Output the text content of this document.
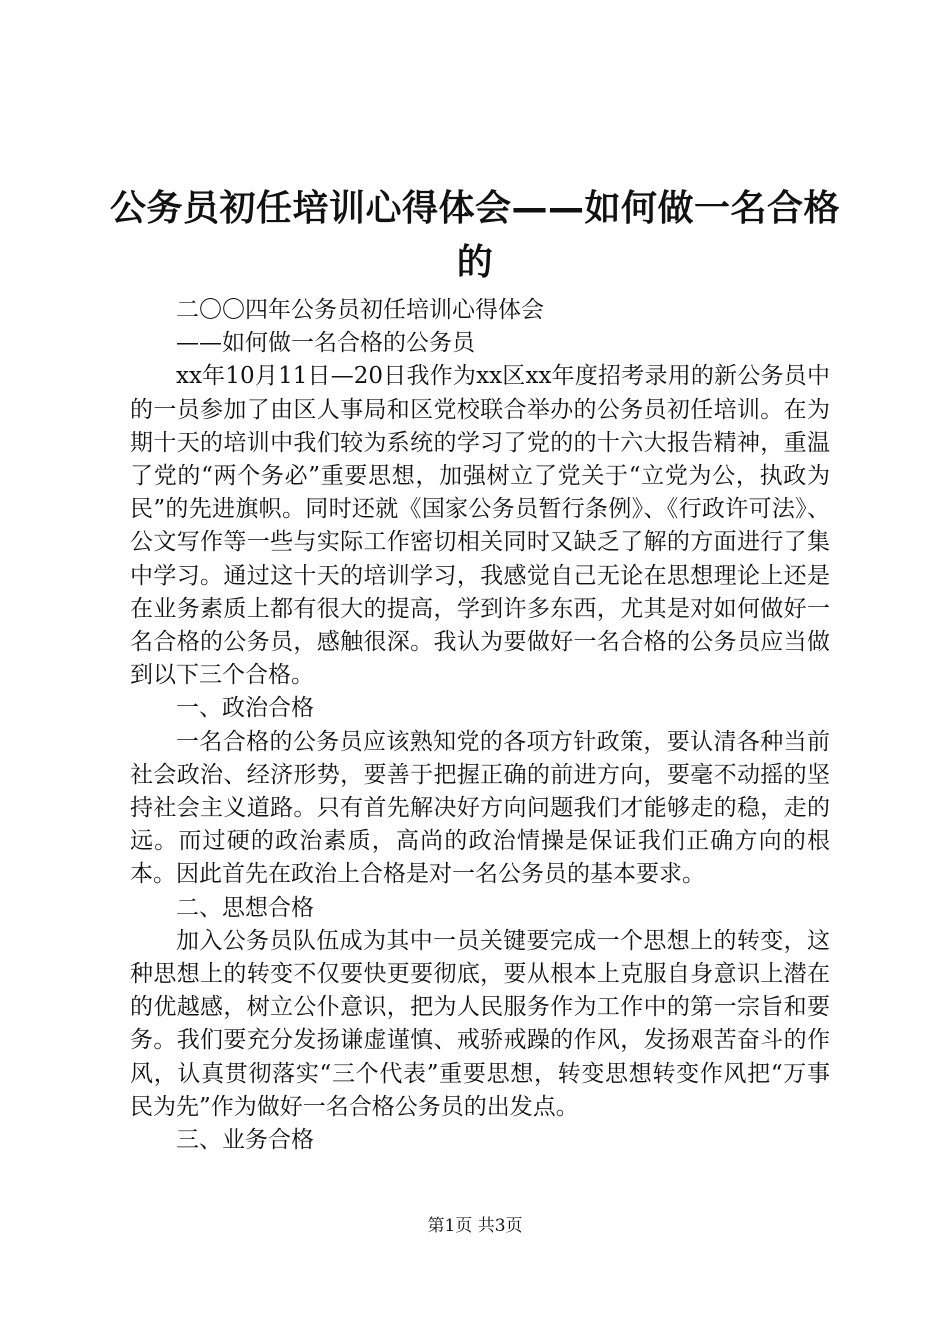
公务员初任培训心得体会——如何做一名合格的

二〇〇四年公务员初任培训心得体会

——如何做一名合格的公务员

xx年10月11日—20日我作为xx区xx年度招考录用的新公务员中的一员参加了由区人事局和区党校联合举办的公务员初任培训。在为期十天的培训中我们较为系统的学习了党的的十六大报告精神，重温了党的“两个务必”重要思想，加强树立了党关于“立党为公，执政为民”的先进旗帜。同时还就《国家公务员暂行条例》、《行政许可法》、公文写作等一些与实际工作密切相关同时又缺乏了解的方面进行了集中学习。通过这十天的培训学习，我感觉自己无论在思想理论上还是在业务素质上都有很大的提高，学到许多东西，尤其是对如何做好一名合格的公务员，感触很深。我认为要做好一名合格的公务员应当做到以下三个合格。

一、政治合格

一名合格的公务员应该熟知党的各项方针政策，要认清各种当前社会政治、经济形势，要善于把握正确的前进方向，要毫不动摇的坚持社会主义道路。只有首先解决好方向问题我们才能够走的稳，走的远。而过硬的政治素质，高尚的政治情操是保证我们正确方向的根本。因此首先在政治上合格是对一名公务员的基本要求。

二、思想合格

加入公务员队伍成为其中一员关键要完成一个思想上的转变，这种思想上的转变不仅要快更要彻底，要从根本上克服自身意识上潜在的优越感，树立公仆意识，把为人民服务作为工作中的第一宗旨和要务。我们要充分发扬谦虚谨慎、戒骄戒躁的作风，发扬艰苦奋斗的作风，认真贯彻落实“三个代表”重要思想，转变思想转变作风把“万事民为先”作为做好一名合格公务员的出发点。

三、业务合格

第1页 共3页
